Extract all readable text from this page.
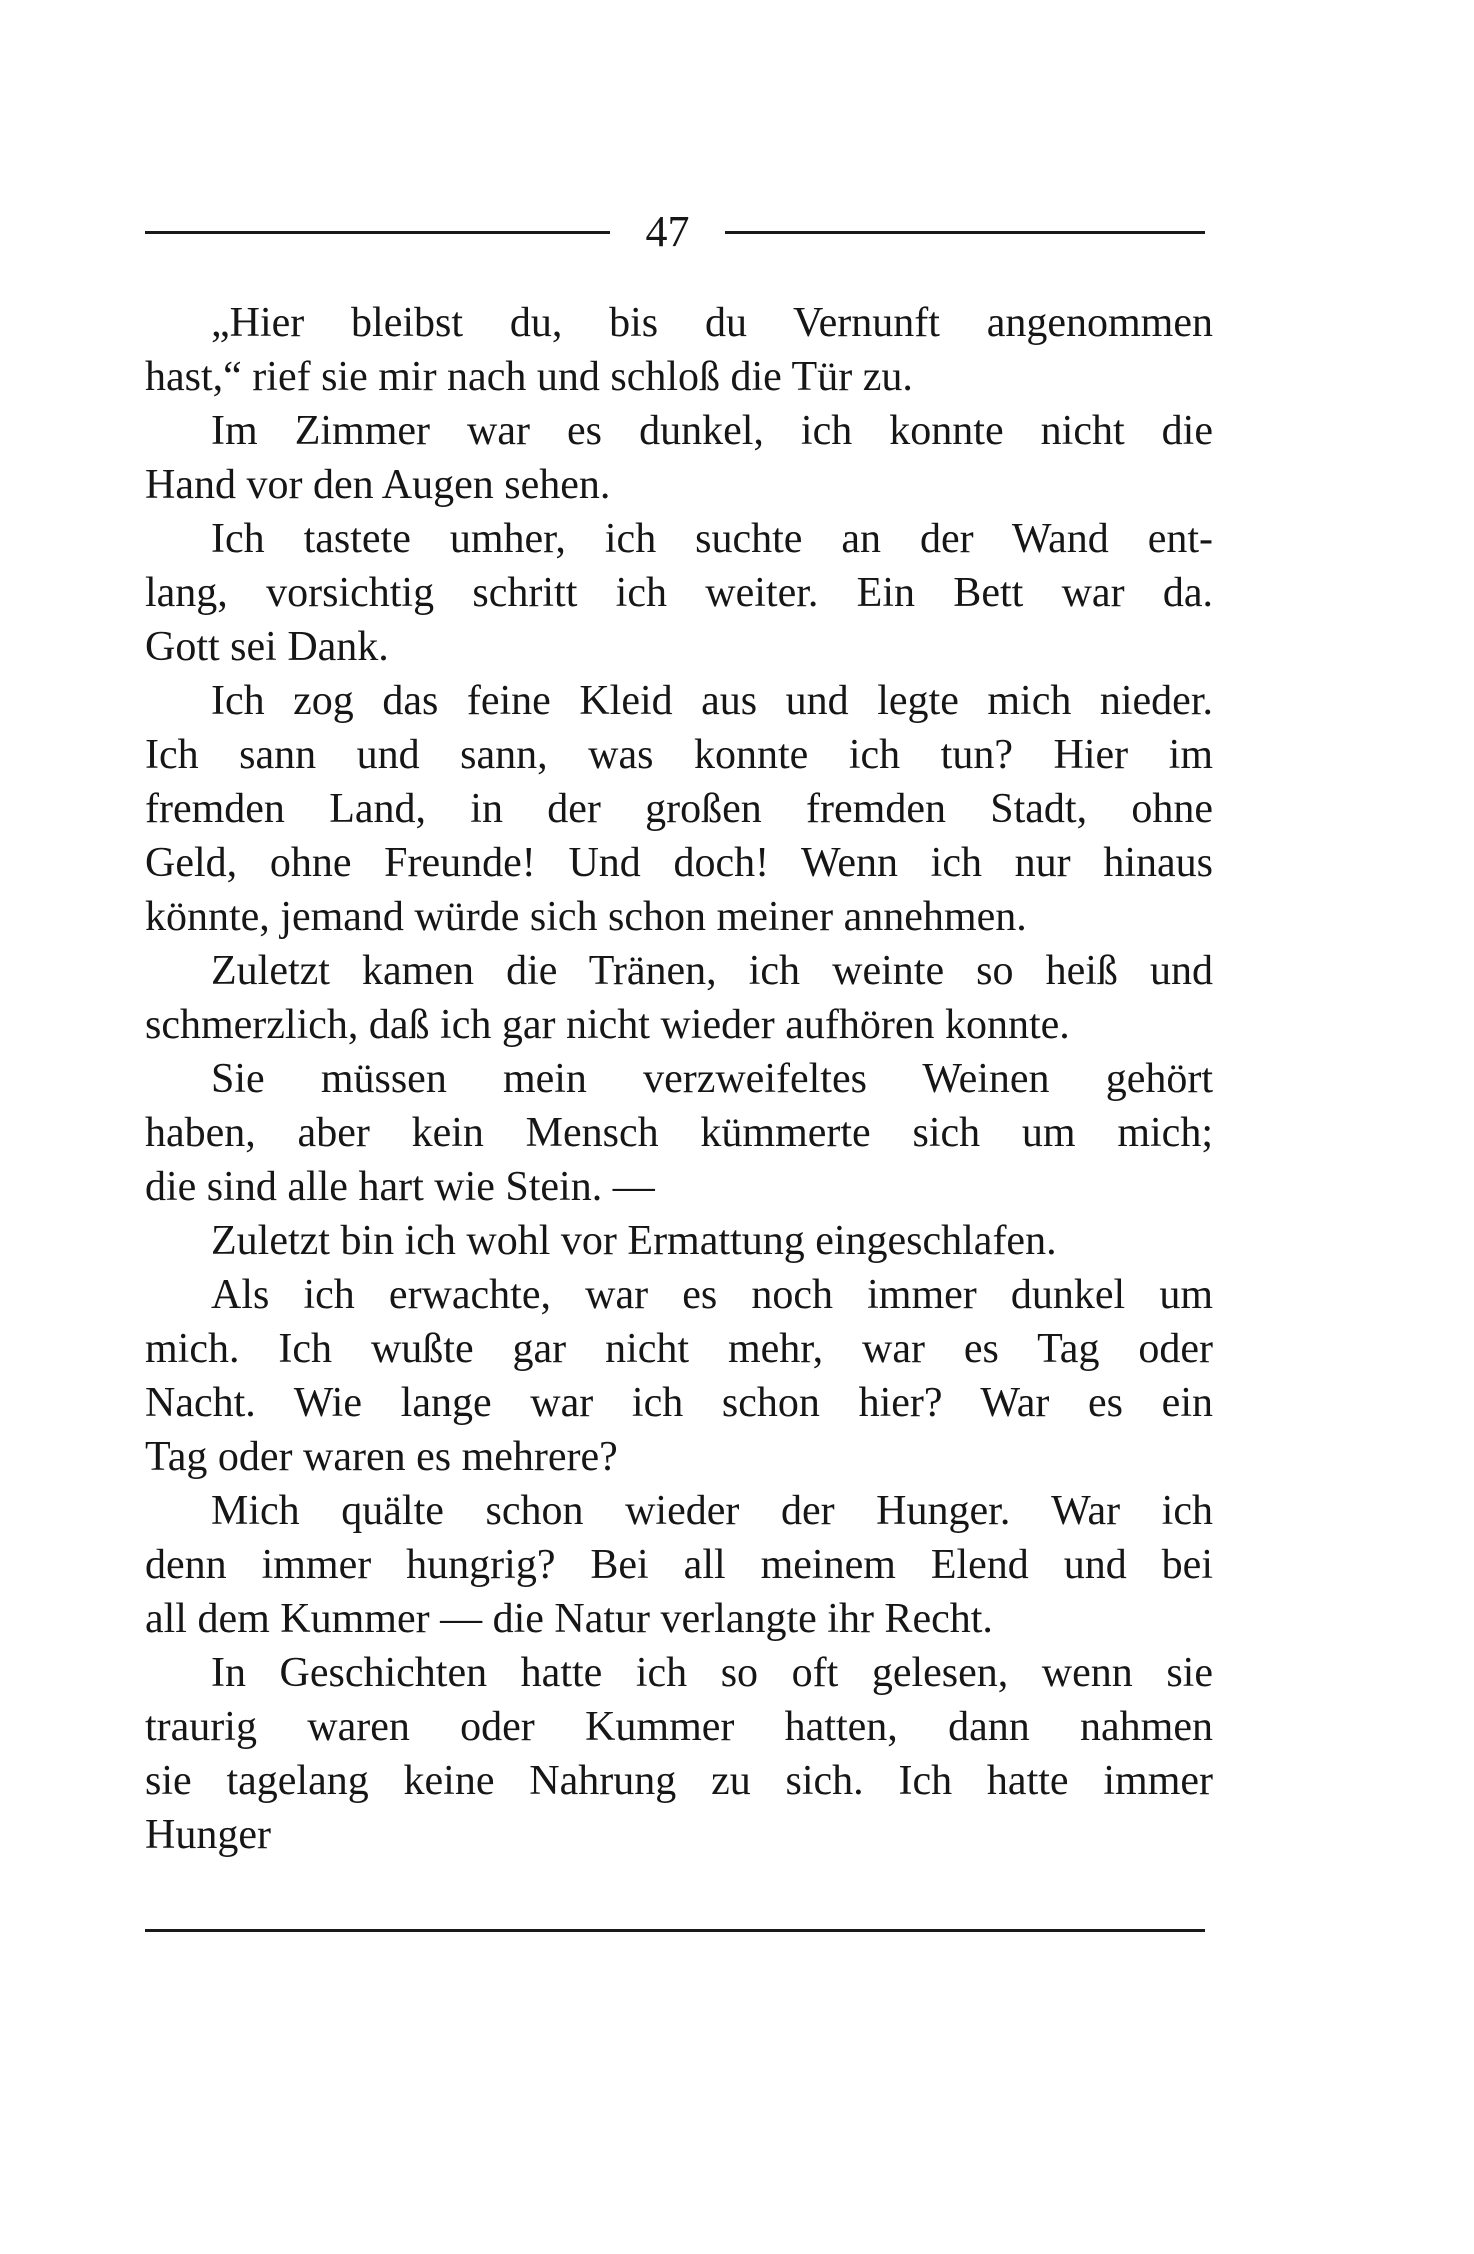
47
„Hier bleibst du, bis du Vernunft angenommen
hast,“ rief sie mir nach und schloß die Tür zu.
Im Zimmer war es dunkel, ich konnte nicht die
Hand vor den Augen sehen.
Ich tastete umher, ich suchte an der Wand ent-
lang, vorsichtig schritt ich weiter. Ein Bett war da.
Gott sei Dank.
Ich zog das feine Kleid aus und legte mich nieder.
Ich sann und sann, was konnte ich tun? Hier im
fremden Land, in der großen fremden Stadt, ohne
Geld, ohne Freunde! Und doch! Wenn ich nur hinaus
könnte, jemand würde sich schon meiner annehmen.
Zuletzt kamen die Tränen, ich weinte so heiß und
schmerzlich, daß ich gar nicht wieder aufhören konnte.
Sie müssen mein verzweifeltes Weinen gehört
haben, aber kein Mensch kümmerte sich um mich;
die sind alle hart wie Stein. —
Zuletzt bin ich wohl vor Ermattung eingeschlafen.
Als ich erwachte, war es noch immer dunkel um
mich. Ich wußte gar nicht mehr, war es Tag oder
Nacht. Wie lange war ich schon hier? War es ein
Tag oder waren es mehrere?
Mich quälte schon wieder der Hunger. War ich
denn immer hungrig? Bei all meinem Elend und bei
all dem Kummer — die Natur verlangte ihr Recht.
In Geschichten hatte ich so oft gelesen, wenn sie
traurig waren oder Kummer hatten, dann nahmen
sie tagelang keine Nahrung zu sich. Ich hatte immer
Hunger
